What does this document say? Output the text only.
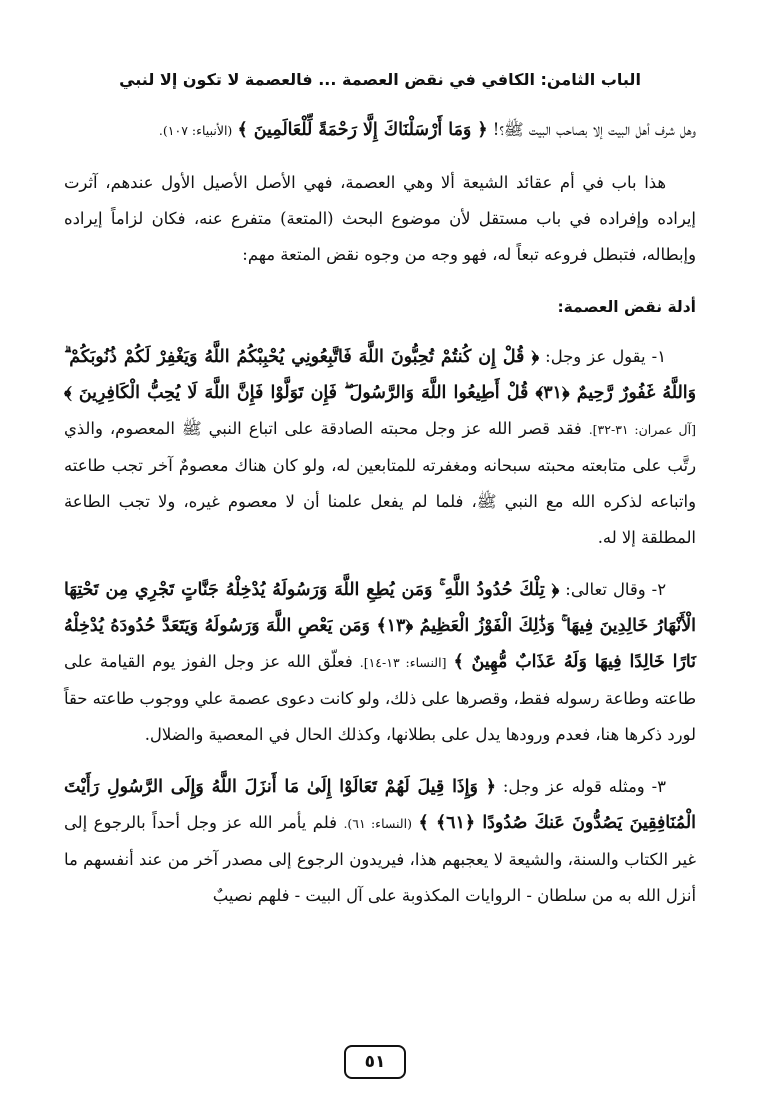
الباب الثامن: الكافي في نقض العصمة ... فالعصمة لا تكون إلا لنبي

وهل شرف أهل البيت إلا بصاحب البيت ﷺ؟! ﴿ وَمَا أَرْسَلْنَاكَ إِلَّا رَحْمَةً لِّلْعَالَمِينَ ﴾ (الأنبياء: ١٠٧).

هذا باب في أم عقائد الشيعة ألا وهي العصمة، فهي الأصل الأصيل الأول عندهم، آثرت إيراده وإفراده في باب مستقل لأن موضوع البحث (المتعة) متفرع عنه، فكان لزاماً إيراده وإبطاله، فتبطل فروعه تبعاً له، فهو وجه من وجوه نقض المتعة مهم:

أدلة نقض العصمة:

١- يقول عز وجل: ﴿ قُلْ إِن كُنتُمْ تُحِبُّونَ اللَّهَ فَاتَّبِعُونِي يُحْبِبْكُمُ اللَّهُ وَيَغْفِرْ لَكُمْ ذُنُوبَكُمْ ۗ وَاللَّهُ غَفُورٌ رَّحِيمٌ ﴿٣١﴾ قُلْ أَطِيعُوا اللَّهَ وَالرَّسُولَ ۖ فَإِن تَوَلَّوْا فَإِنَّ اللَّهَ لَا يُحِبُّ الْكَافِرِينَ ﴾ [آل عمران: ٣١-٣٢]. فقد قصر الله عز وجل محبته الصادقة على اتباع النبي ﷺ المعصوم، والذي رتَّب على متابعته محبته سبحانه ومغفرته للمتابعين له، ولو كان هناك معصومٌ آخر تجب طاعته واتباعه لذكره الله مع النبي ﷺ، فلما لم يفعل علمنا أن لا معصوم غيره، ولا تجب الطاعة المطلقة إلا له.

٢- وقال تعالى: ﴿ تِلْكَ حُدُودُ اللَّهِ ۚ وَمَن يُطِعِ اللَّهَ وَرَسُولَهُ يُدْخِلْهُ جَنَّاتٍ تَجْرِي مِن تَحْتِهَا الْأَنْهَارُ خَالِدِينَ فِيهَا ۚ وَذَٰلِكَ الْفَوْزُ الْعَظِيمُ ﴿١٣﴾ وَمَن يَعْصِ اللَّهَ وَرَسُولَهُ وَيَتَعَدَّ حُدُودَهُ يُدْخِلْهُ نَارًا خَالِدًا فِيهَا وَلَهُ عَذَابٌ مُّهِينٌ ﴾ [النساء: ١٣-١٤]. فعلّق الله عز وجل الفوز يوم القيامة على طاعته وطاعة رسوله فقط، وقصرها على ذلك، ولو كانت دعوى عصمة علي ووجوب طاعته حقاً لورد ذكرها هنا، فعدم ورودها يدل على بطلانها، وكذلك الحال في المعصية والضلال.

٣- ومثله قوله عز وجل: ﴿ وَإِذَا قِيلَ لَهُمْ تَعَالَوْا إِلَىٰ مَا أَنزَلَ اللَّهُ وَإِلَى الرَّسُولِ رَأَيْتَ الْمُنَافِقِينَ يَصُدُّونَ عَنكَ صُدُودًا ﴿٦١﴾ ﴾ (النساء: ٦١). فلم يأمر الله عز وجل أحداً بالرجوع إلى غير الكتاب والسنة، والشيعة لا يعجبهم هذا، فيريدون الرجوع إلى مصدر آخر من عند أنفسهم ما أنزل الله به من سلطان - الروايات المكذوبة على آل البيت - فلهم نصيبٌ

٥١
